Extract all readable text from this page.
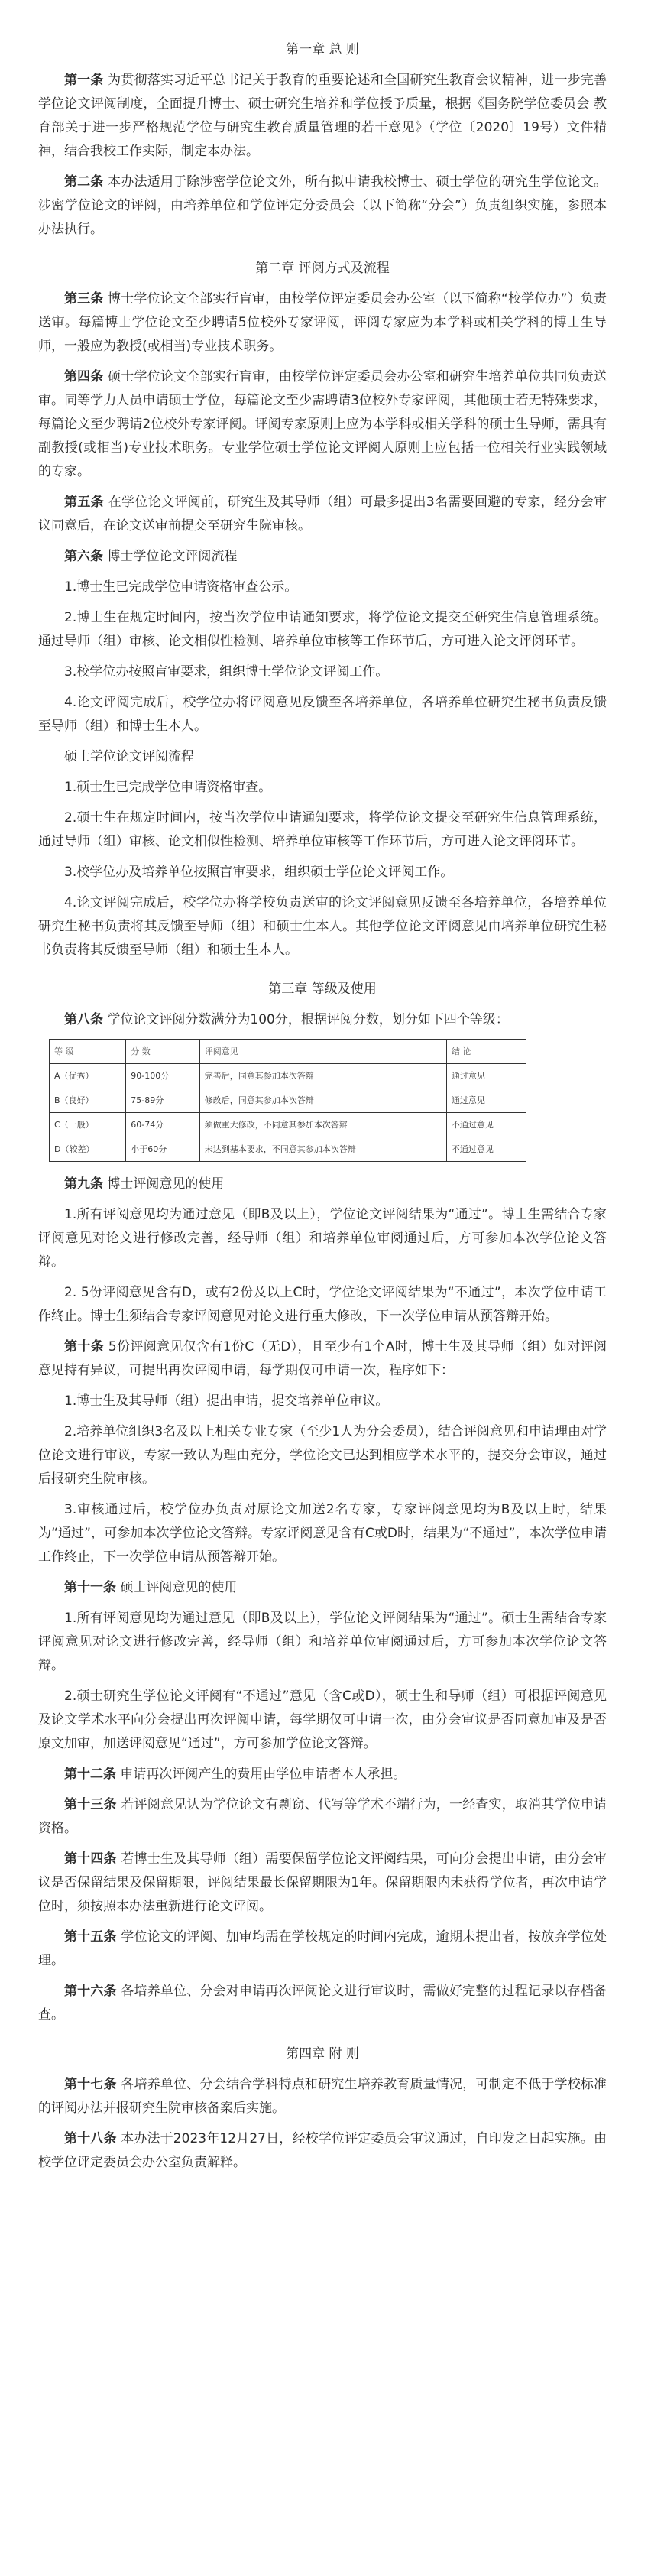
第一章 总 则

第一条 为贯彻落实习近平总书记关于教育的重要论述和全国研究生教育会议精神，进一步完善学位论文评阅制度，全面提升博士、硕士研究生培养和学位授予质量，根据《国务院学位委员会 教育部关于进一步严格规范学位与研究生教育质量管理的若干意见》（学位〔2020〕19号）文件精神，结合我校工作实际，制定本办法。

第二条 本办法适用于除涉密学位论文外，所有拟申请我校博士、硕士学位的研究生学位论文。涉密学位论文的评阅，由培养单位和学位评定分委员会（以下简称“分会”）负责组织实施，参照本办法执行。

第二章 评阅方式及流程

第三条 博士学位论文全部实行盲审，由校学位评定委员会办公室（以下简称“校学位办”）负责送审。每篇博士学位论文至少聘请5位校外专家评阅，评阅专家应为本学科或相关学科的博士生导师，一般应为教授(或相当)专业技术职务。

第四条 硕士学位论文全部实行盲审，由校学位评定委员会办公室和研究生培养单位共同负责送审。同等学力人员申请硕士学位，每篇论文至少需聘请3位校外专家评阅，其他硕士若无特殊要求，每篇论文至少聘请2位校外专家评阅。评阅专家原则上应为本学科或相关学科的硕士生导师，需具有副教授(或相当)专业技术职务。专业学位硕士学位论文评阅人原则上应包括一位相关行业实践领域的专家。

第五条 在学位论文评阅前，研究生及其导师（组）可最多提出3名需要回避的专家，经分会审议同意后，在论文送审前提交至研究生院审核。

第六条 博士学位论文评阅流程

1.博士生已完成学位申请资格审查公示。

2.博士生在规定时间内，按当次学位申请通知要求，将学位论文提交至研究生信息管理系统。通过导师（组）审核、论文相似性检测、培养单位审核等工作环节后，方可进入论文评阅环节。

3.校学位办按照盲审要求，组织博士学位论文评阅工作。

4.论文评阅完成后，校学位办将评阅意见反馈至各培养单位，各培养单位研究生秘书负责反馈至导师（组）和博士生本人。

硕士学位论文评阅流程

1.硕士生已完成学位申请资格审查。

2.硕士生在规定时间内，按当次学位申请通知要求，将学位论文提交至研究生信息管理系统，通过导师（组）审核、论文相似性检测、培养单位审核等工作环节后，方可进入论文评阅环节。

3.校学位办及培养单位按照盲审要求，组织硕士学位论文评阅工作。

4.论文评阅完成后，校学位办将学校负责送审的论文评阅意见反馈至各培养单位，各培养单位研究生秘书负责将其反馈至导师（组）和硕士生本人。其他学位论文评阅意见由培养单位研究生秘书负责将其反馈至导师（组）和硕士生本人。

第三章 等级及使用

第八条 学位论文评阅分数满分为100分，根据评阅分数，划分如下四个等级：

等 级	分 数	评阅意见	结 论
A（优秀）	90-100分	完善后，同意其参加本次答辩	通过意见
B（良好）	75-89分	修改后，同意其参加本次答辩	通过意见
C（一般）	60-74分	须做重大修改，不同意其参加本次答辩	不通过意见
D（较差）	小于60分	未达到基本要求，不同意其参加本次答辩	不通过意见

第九条 博士评阅意见的使用

1.所有评阅意见均为通过意见（即B及以上），学位论文评阅结果为“通过”。博士生需结合专家评阅意见对论文进行修改完善，经导师（组）和培养单位审阅通过后，方可参加本次学位论文答辩。

2. 5份评阅意见含有D，或有2份及以上C时，学位论文评阅结果为“不通过”，本次学位申请工作终止。博士生须结合专家评阅意见对论文进行重大修改，下一次学位申请从预答辩开始。

第十条 5份评阅意见仅含有1份C（无D），且至少有1个A时，博士生及其导师（组）如对评阅意见持有异议，可提出再次评阅申请，每学期仅可申请一次，程序如下：

1.博士生及其导师（组）提出申请，提交培养单位审议。

2.培养单位组织3名及以上相关专业专家（至少1人为分会委员），结合评阅意见和申请理由对学位论文进行审议，专家一致认为理由充分，学位论文已达到相应学术水平的，提交分会审议，通过后报研究生院审核。

3.审核通过后，校学位办负责对原论文加送2名专家，专家评阅意见均为B及以上时，结果为“通过”，可参加本次学位论文答辩。专家评阅意见含有C或D时，结果为“不通过”，本次学位申请工作终止，下一次学位申请从预答辩开始。

第十一条 硕士评阅意见的使用

1.所有评阅意见均为通过意见（即B及以上），学位论文评阅结果为“通过”。硕士生需结合专家评阅意见对论文进行修改完善，经导师（组）和培养单位审阅通过后，方可参加本次学位论文答辩。

2.硕士研究生学位论文评阅有“不通过”意见（含C或D），硕士生和导师（组）可根据评阅意见及论文学术水平向分会提出再次评阅申请，每学期仅可申请一次，由分会审议是否同意加审及是否原文加审，加送评阅意见“通过”，方可参加学位论文答辩。

第十二条 申请再次评阅产生的费用由学位申请者本人承担。

第十三条 若评阅意见认为学位论文有剽窃、代写等学术不端行为，一经查实，取消其学位申请资格。

第十四条 若博士生及其导师（组）需要保留学位论文评阅结果，可向分会提出申请，由分会审议是否保留结果及保留期限，评阅结果最长保留期限为1年。保留期限内未获得学位者，再次申请学位时，须按照本办法重新进行论文评阅。

第十五条 学位论文的评阅、加审均需在学校规定的时间内完成，逾期未提出者，按放弃学位处理。

第十六条 各培养单位、分会对申请再次评阅论文进行审议时，需做好完整的过程记录以存档备查。

第四章 附 则

第十七条 各培养单位、分会结合学科特点和研究生培养教育质量情况，可制定不低于学校标准的评阅办法并报研究生院审核备案后实施。

第十八条 本办法于2023年12月27日，经校学位评定委员会审议通过，自印发之日起实施。由校学位评定委员会办公室负责解释。
